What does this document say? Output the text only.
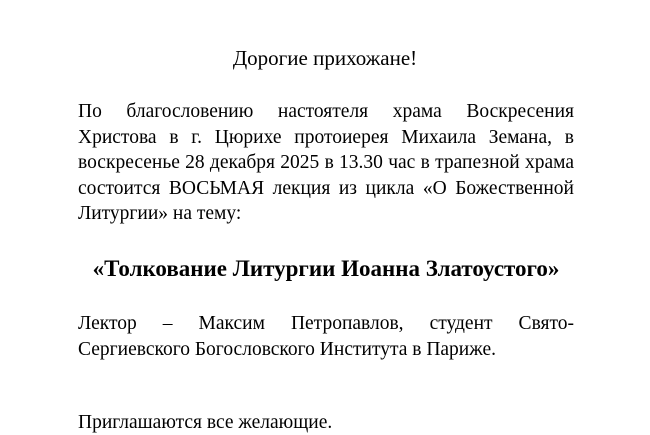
Дорогие прихожане!

По благословению настоятеля храма Воскресения Христова в г. Цюрихе протоиерея Михаила Земана, в воскресенье 28 декабря 2025 в 13.30 час в трапезной храма состоится ВОСЬМАЯ лекция из цикла «О Божественной Литургии» на тему:

«Толкование Литургии Иоанна Златоустого»

Лектор – Максим Петропавлов, студент Свято-Сергиевского Богословского Института в Париже.

Приглашаются все желающие.
